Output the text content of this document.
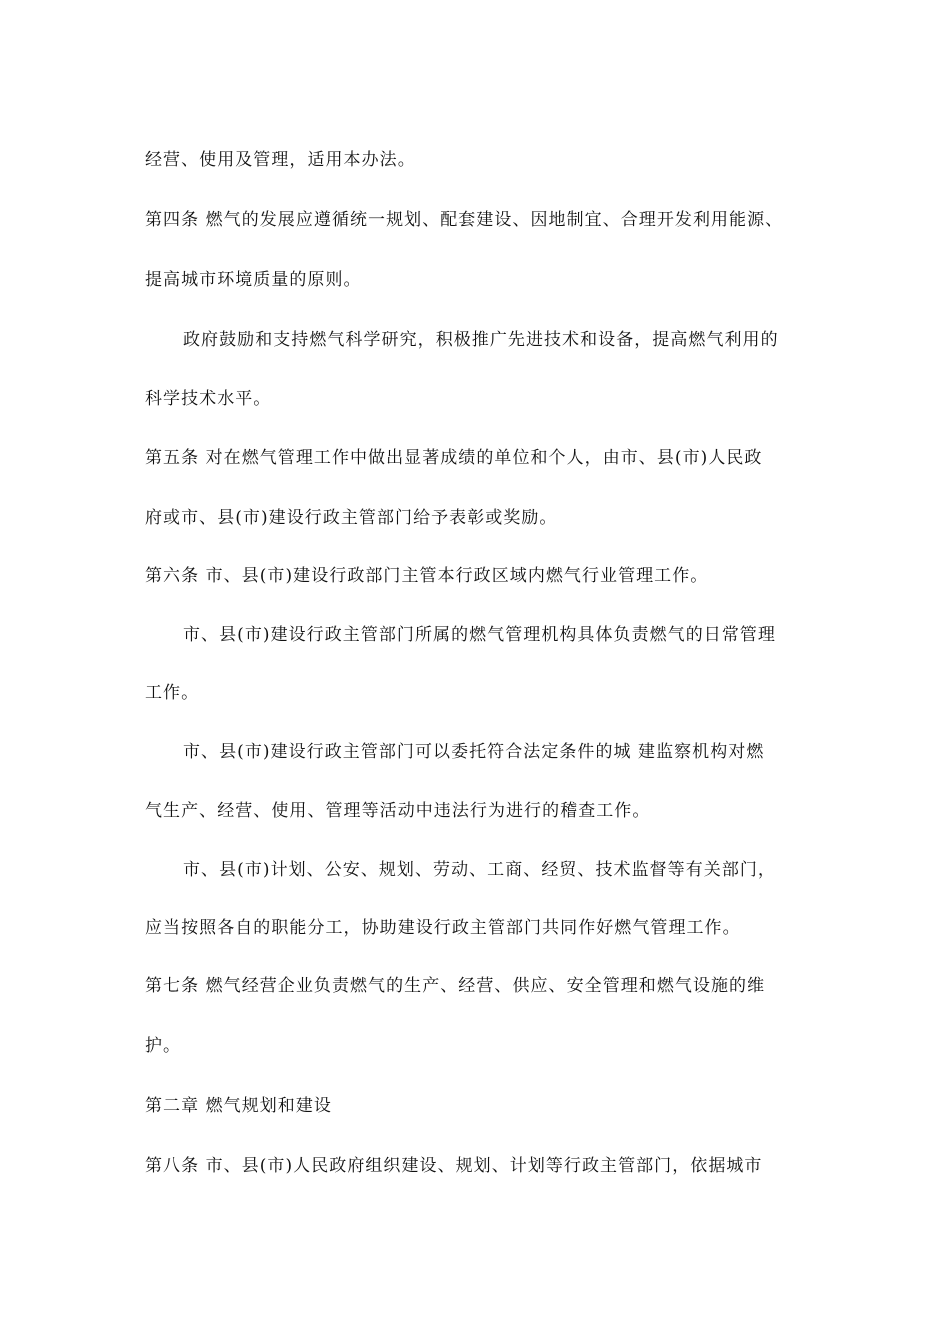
经营、使用及管理，适用本办法。
第四条 燃气的发展应遵循统一规划、配套建设、因地制宜、合理开发利用能源、
提高城市环境质量的原则。
政府鼓励和支持燃气科学研究，积极推广先进技术和设备，提高燃气利用的
科学技术水平。
第五条 对在燃气管理工作中做出显著成绩的单位和个人，由市、县(市)人民政
府或市、县(市)建设行政主管部门给予表彰或奖励。
第六条 市、县(市)建设行政部门主管本行政区域内燃气行业管理工作。
市、县(市)建设行政主管部门所属的燃气管理机构具体负责燃气的日常管理
工作。
市、县(市)建设行政主管部门可以委托符合法定条件的城 建监察机构对燃
气生产、经营、使用、管理等活动中违法行为进行的稽查工作。
市、县(市)计划、公安、规划、劳动、工商、经贸、技术监督等有关部门，
应当按照各自的职能分工，协助建设行政主管部门共同作好燃气管理工作。
第七条 燃气经营企业负责燃气的生产、经营、供应、安全管理和燃气设施的维
护。
第二章 燃气规划和建设
第八条 市、县(市)人民政府组织建设、规划、计划等行政主管部门，依据城市
